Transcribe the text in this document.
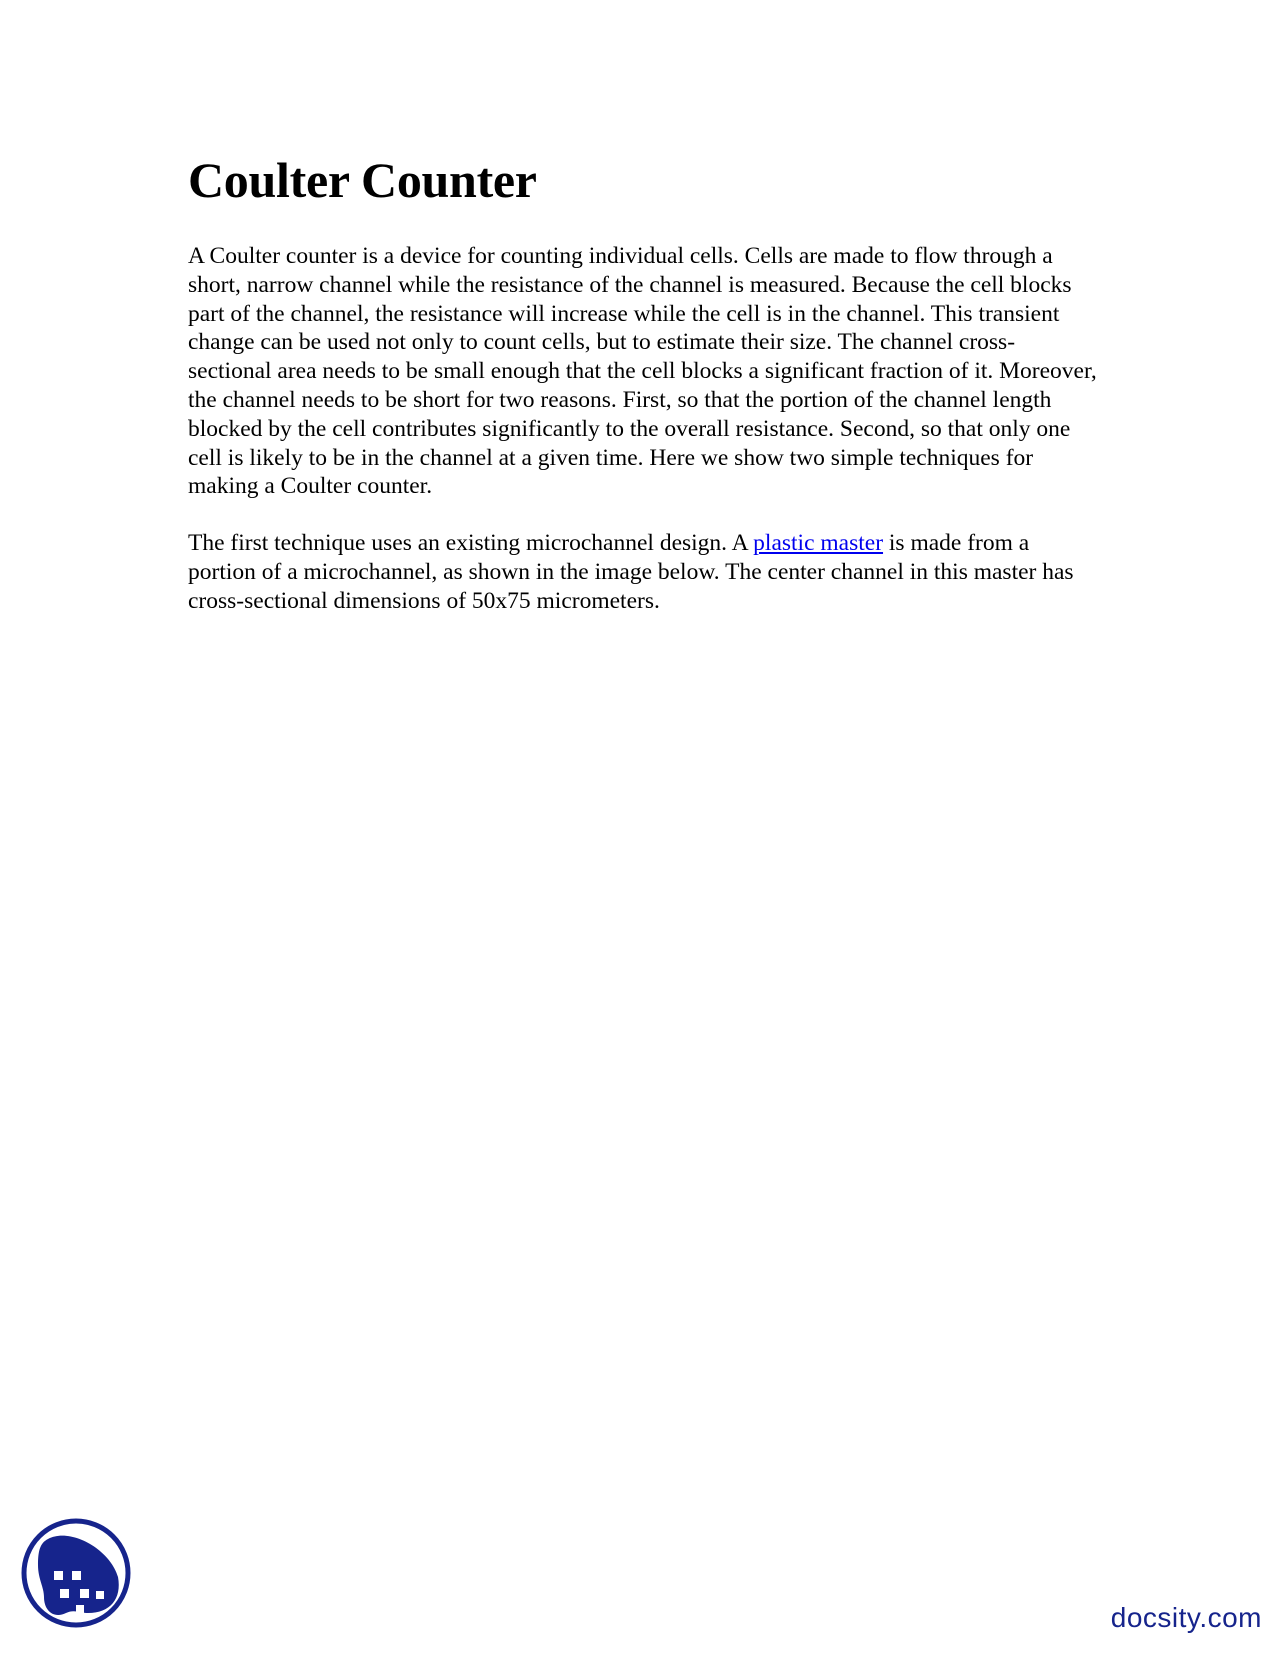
Coulter Counter

A Coulter counter is a device for counting individual cells. Cells are made to flow through a short, narrow channel while the resistance of the channel is measured. Because the cell blocks part of the channel, the resistance will increase while the cell is in the channel. This transient change can be used not only to count cells, but to estimate their size. The channel cross-sectional area needs to be small enough that the cell blocks a significant fraction of it. Moreover, the channel needs to be short for two reasons. First, so that the portion of the channel length blocked by the cell contributes significantly to the overall resistance. Second, so that only one cell is likely to be in the channel at a given time. Here we show two simple techniques for making a Coulter counter.

The first technique uses an existing microchannel design. A plastic master is made from a portion of a microchannel, as shown in the image below. The center channel in this master has cross-sectional dimensions of 50x75 micrometers.

docsity.com
